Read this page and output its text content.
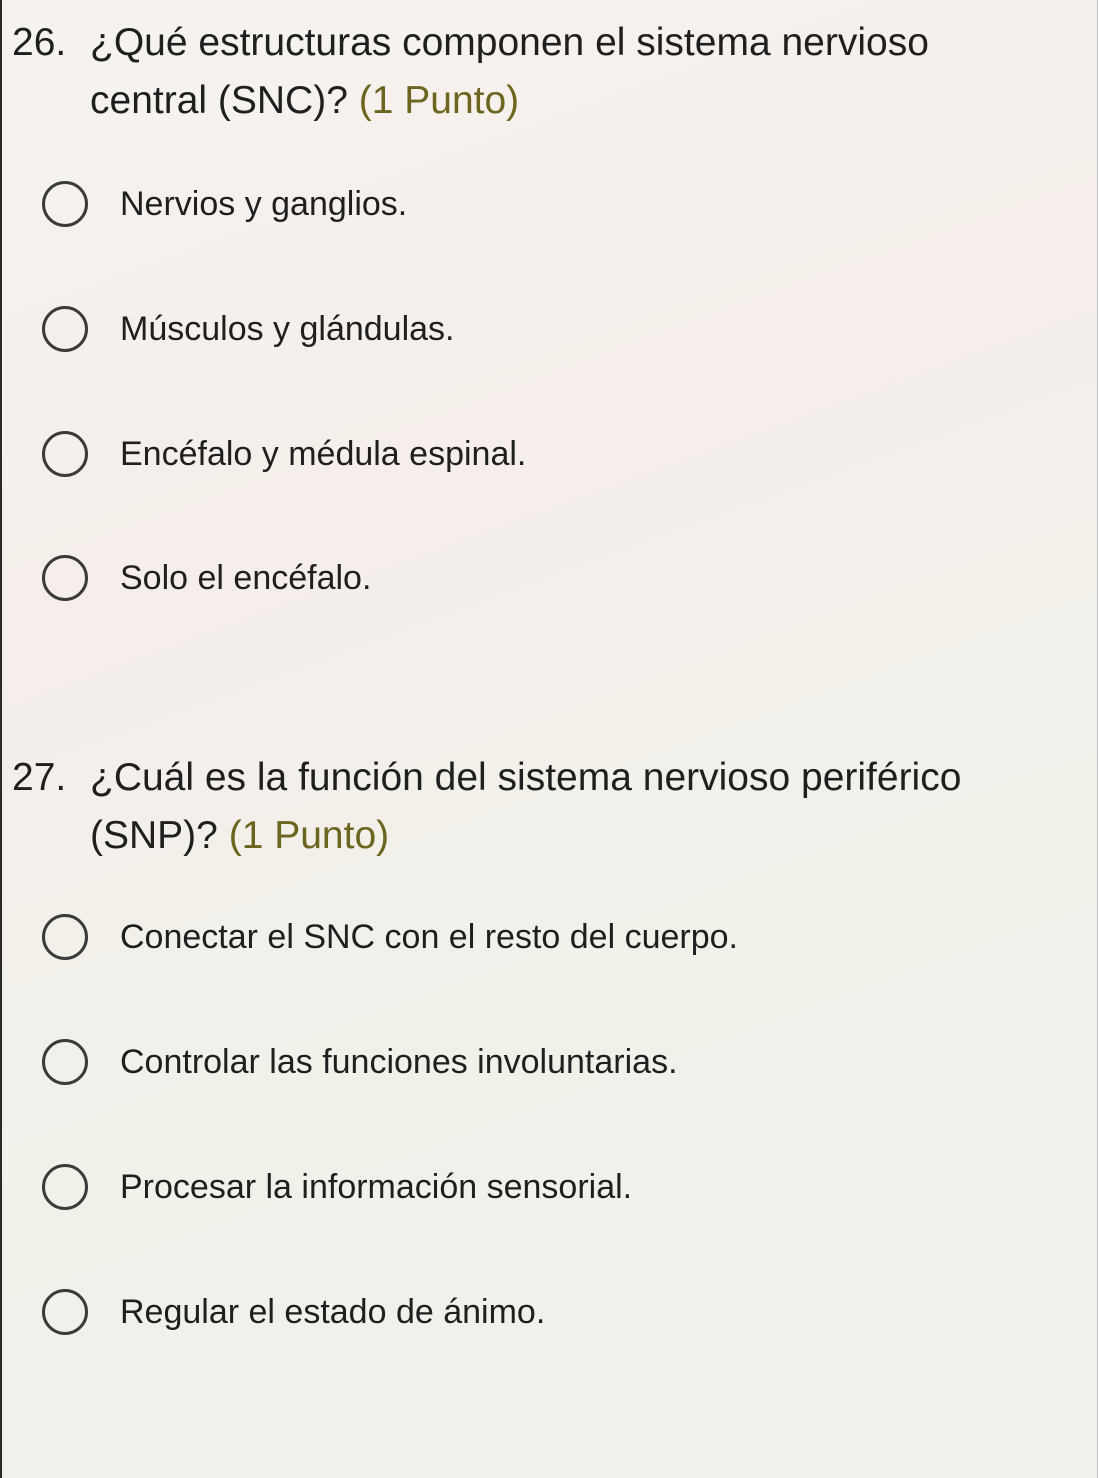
26. ¿Qué estructuras componen el sistema nervioso
central (SNC)? (1 Punto)
Nervios y ganglios.
Músculos y glándulas.
Encéfalo y médula espinal.
Solo el encéfalo.
27. ¿Cuál es la función del sistema nervioso periférico
(SNP)? (1 Punto)
Conectar el SNC con el resto del cuerpo.
Controlar las funciones involuntarias.
Procesar la información sensorial.
Regular el estado de ánimo.
